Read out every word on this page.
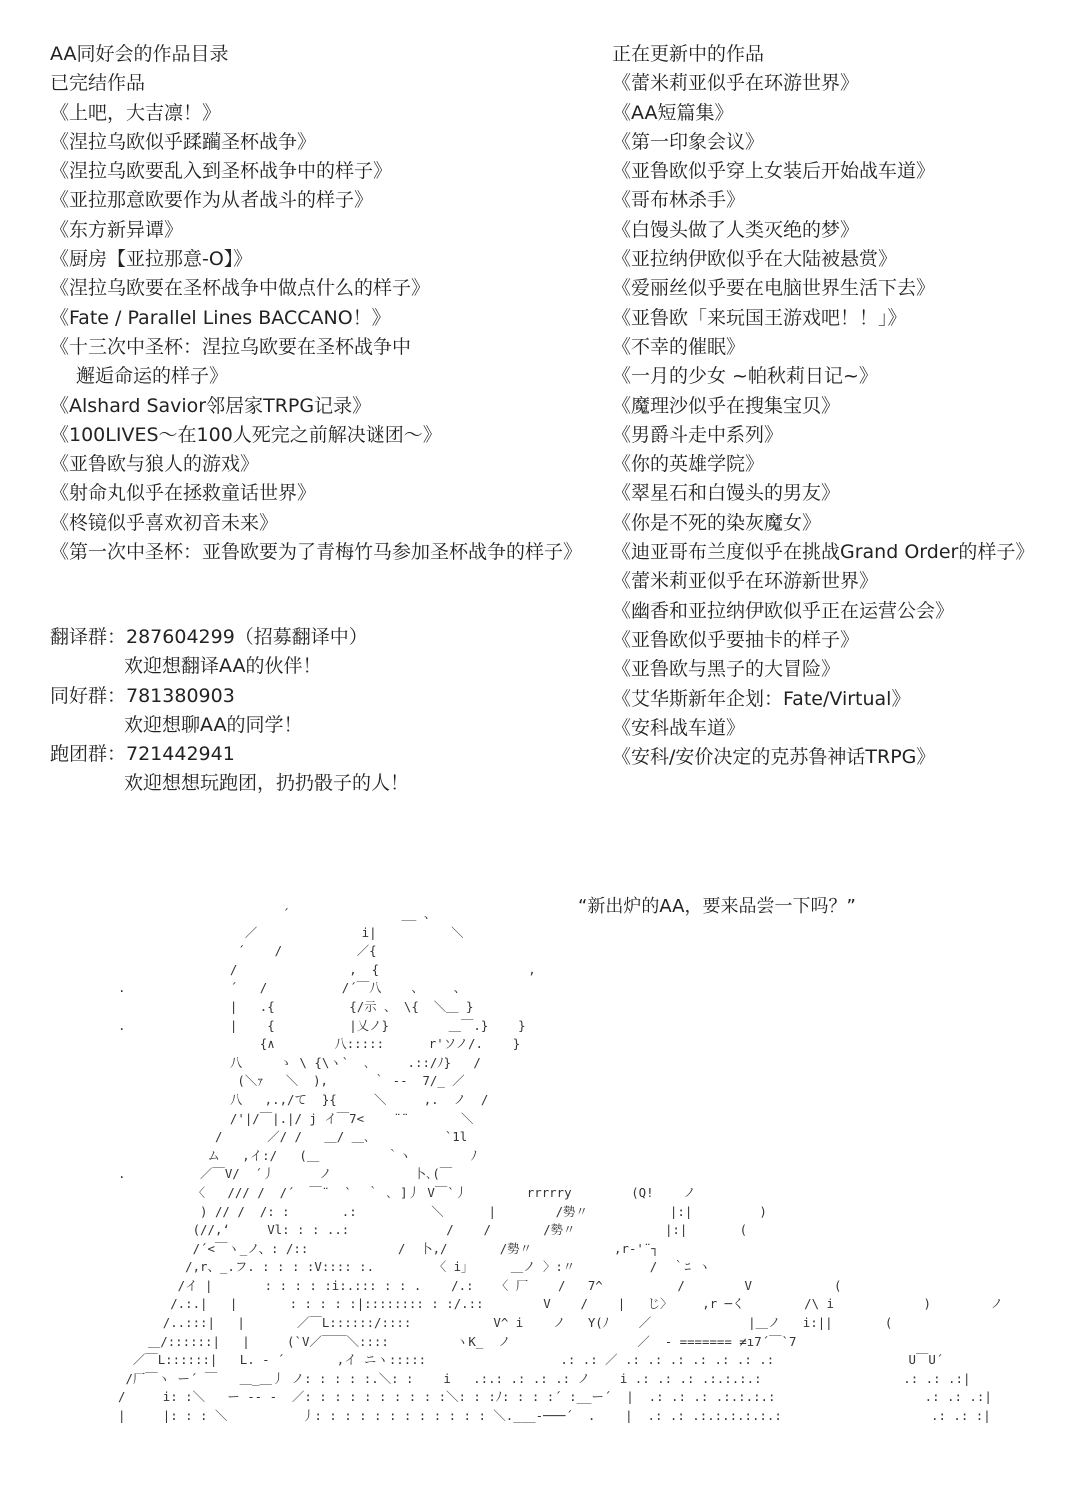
AA同好会的作品目录
已完结作品
《上吧，大吉凛！》
《涅拉乌欧似乎蹂躏圣杯战争》
《涅拉乌欧要乱入到圣杯战争中的样子》
《亚拉那意欧要作为从者战斗的样子》
《东方新异谭》
《厨房【亚拉那意-O】》
《涅拉乌欧要在圣杯战争中做点什么的样子》
《Fate / Parallel Lines BACCANO！》
《十三次中圣杯：涅拉乌欧要在圣杯战争中
邂逅命运的样子》
《Alshard Savior邻居家TRPG记录》
《100LIVES～在100人死完之前解决谜团～》
《亚鲁欧与狼人的游戏》
《射命丸似乎在拯救童话世界》
《柊镜似乎喜欢初音未来》
《第一次中圣杯：亚鲁欧要为了青梅竹马参加圣杯战争的样子》
翻译群： 287604299（招募翻译中）
欢迎想翻译AA的伙伴！
同好群： 781380903
欢迎想聊AA的同学！
跑团群： 721442941
欢迎想想玩跑团，扔扔骰子的人！
正在更新中的作品
《蕾米莉亚似乎在环游世界》
《AA短篇集》
《第一印象会议》
《亚鲁欧似乎穿上女装后开始战车道》
《哥布林杀手》
《白馒头做了人类灭绝的梦》
《亚拉纳伊欧似乎在大陆被悬赏》
《爱丽丝似乎要在电脑世界生活下去》
《亚鲁欧「来玩国王游戏吧！！」》
《不幸的催眠》
《一月的少女 ~帕秋莉日记~》
《魔理沙似乎在搜集宝贝》
《男爵斗走中系列》
《你的英雄学院》
《翠星石和白馒头的男友》
《你是不死的染灰魔女》
《迪亚哥布兰度似乎在挑战Grand Order的样子》
《蕾米莉亚似乎在环游新世界》
《幽香和亚拉纳伊欧似乎正在运营公会》
《亚鲁欧似乎要抽卡的样子》
《亚鲁欧与黑子的大冒险》
《艾华斯新年企划：Fate/Virtual》
《安科战车道》
《安科/安价决定的克苏鲁神话TRPG》
“新出炉的AA，要来品尝一下吗？”
´               __ 、
／              i|          ＼
´    /          ／{
/               ,  {                    ,
.              ´   /          /´￣八    、    、
|   .{          {/示 、 \{  ＼＿ }
.              |    {          |乂ノ}        ＿￣.}    }
{∧        八:::::      r'ソノ/.    }
八     ゝ \ {\ヽ`  ､     .::/ﾉ}   /
(＼ｧ   ＼  ),      ｀ ‐‐  7/_ ／
八   ,.,/て  }{     ＼     ,.  ノ  /
/'|/￣|.|/ j イ￣7<    ¨¨       ＼
/      ／/ /   ＿/ ＿､          `1l
ム   ,イ:/   (＿         ｀ヽ        ﾉ
.          ／￣V/  ´丿      ノ           卜､(￣
〈   /// /  /´  ￣¨  `  ｀ ､ ]丿 V￣`丿        rrrrry        (Q!    ノ
) // /  /: :       .:          ＼      |        /勢〃           |:|         )
(//,‘     Vl: : : ..:             /    /       /勢〃            |:|       (
/´<￣ヽ_ノ、: /::            /  卜,/       /勢〃           ,r‐'¨┐
/,r、_.フ. : : : :V:::: :.        〈 i」     ＿ノ 〉:〃          /  ｀ﾆ ヽ
/イ |       : : : : :i:.::: : : .    /.:   〈 厂    /   7^          /        V           (
/.:.|   |       : : : : :|:::::::: : :/.::        V    /    |   じ〉    ,r ─く        /\ i            )        ノ
/..:::|   |       ／￣L::::::/::::           V^ i    ノ   Y(ﾉ    ／             |＿ノ   i:||       (
＿/::::::|   |     (`V／￣￣＼::::         ヽK_  ノ                 ／  ‐ ======= ≠ı7´￣`7
／￣L::::::|   L. ‐ ´       ,イ ニヽ:::::                  .: .: ／ .: .: .: .: .: .: .:                  U￣U´
/厂￣ヽ ー´ ￣   ＿_＿丿 ノ: : : : :.＼: :    i   .:.: .: .: .: ノ    i .: .: .: .:.:.:.:                   .: .: .:|
/     i: :＼   ー ‐‐ ‐  ／: : : : : : : : : :＼: : :ﾉ: : : :´ :__ー´  |  .: .: .: .:.:.:.:                    .: .: .:|
|     |: : : ＼          丿: : : : : : : : : : : : ＼.___‐───´  .    |  .: .: .:.:.:.:.:.:                    .: .: :|
